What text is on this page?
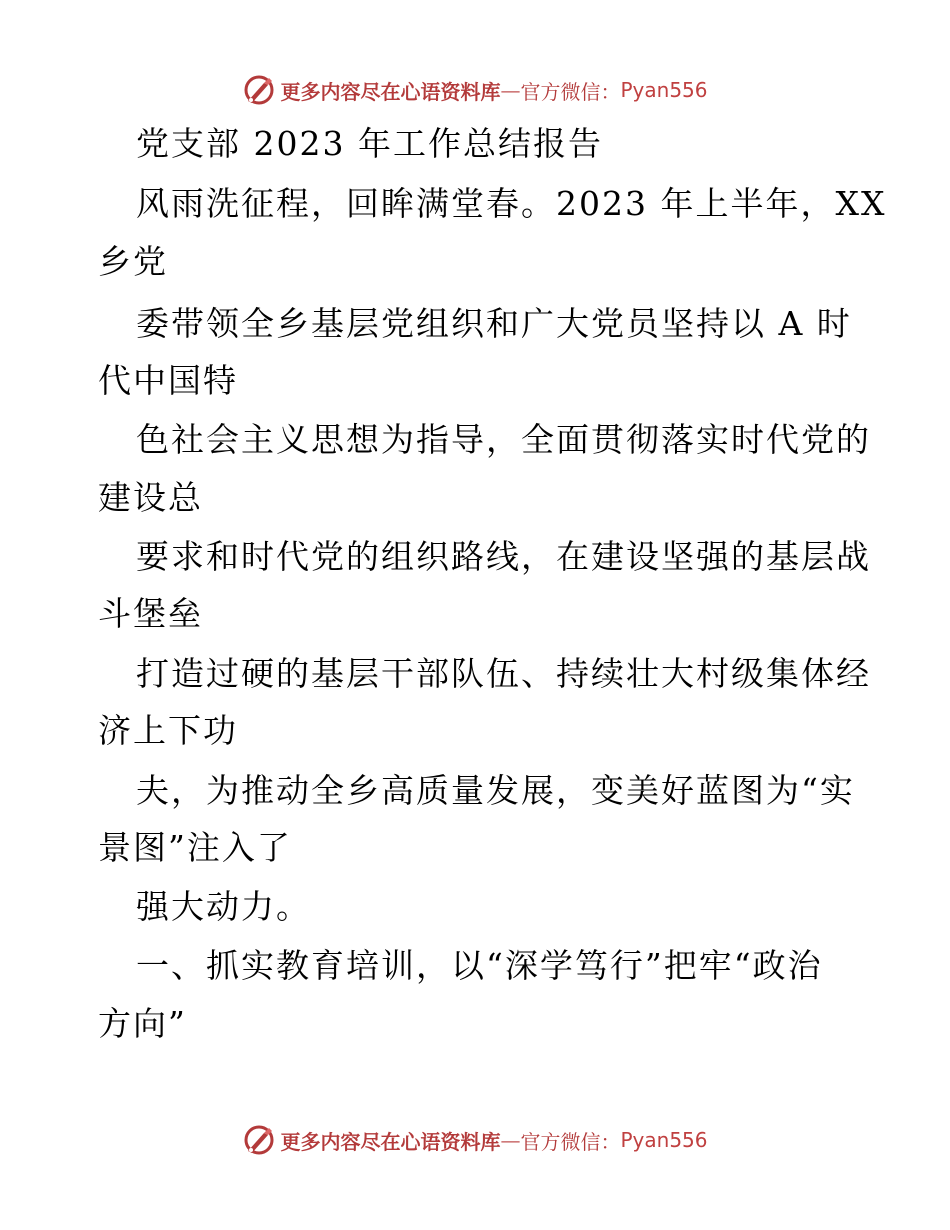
更多内容尽在心语资料库 — 官方微信： Pyan556
党支部 2023 年工作总结报告
风雨洗征程，回眸满堂春。2023 年上半年，XX
乡党
委带领全乡基层党组织和广大党员坚持以 A 时
代中国特
色社会主义思想为指导，全面贯彻落实时代党的
建设总
要求和时代党的组织路线，在建设坚强的基层战
斗堡垒
打造过硬的基层干部队伍、持续壮大村级集体经
济上下功
夫，为推动全乡高质量发展，变美好蓝图为“实
景图”注入了
强大动力。
一、抓实教育培训，以“深学笃行”把牢“政治
方向”
更多内容尽在心语资料库 — 官方微信： Pyan556
